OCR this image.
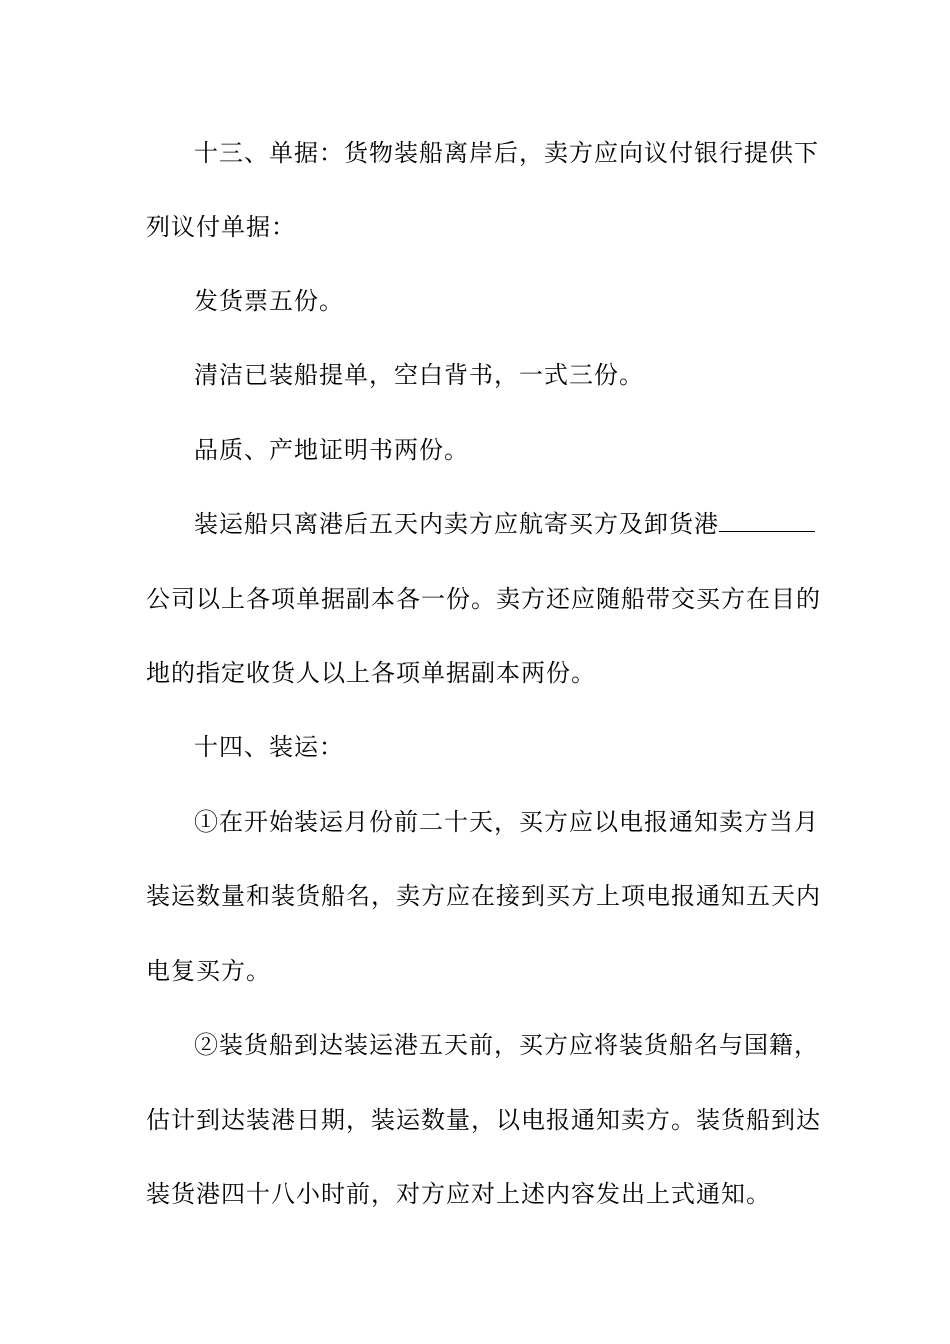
十三、单据：货物装船离岸后，卖方应向议付银行提供下
列议付单据：
发货票五份。
清洁已装船提单，空白背书，一式三份。
品质、产地证明书两份。
装运船只离港后五天内卖方应航寄买方及卸货港
公司以上各项单据副本各一份。卖方还应随船带交买方在目的
地的指定收货人以上各项单据副本两份。
十四、装运：
①在开始装运月份前二十天，买方应以电报通知卖方当月
装运数量和装货船名，卖方应在接到买方上项电报通知五天内
电复买方。
②装货船到达装运港五天前，买方应将装货船名与国籍，
估计到达装港日期，装运数量，以电报通知卖方。装货船到达
装货港四十八小时前，对方应对上述内容发出上式通知。
